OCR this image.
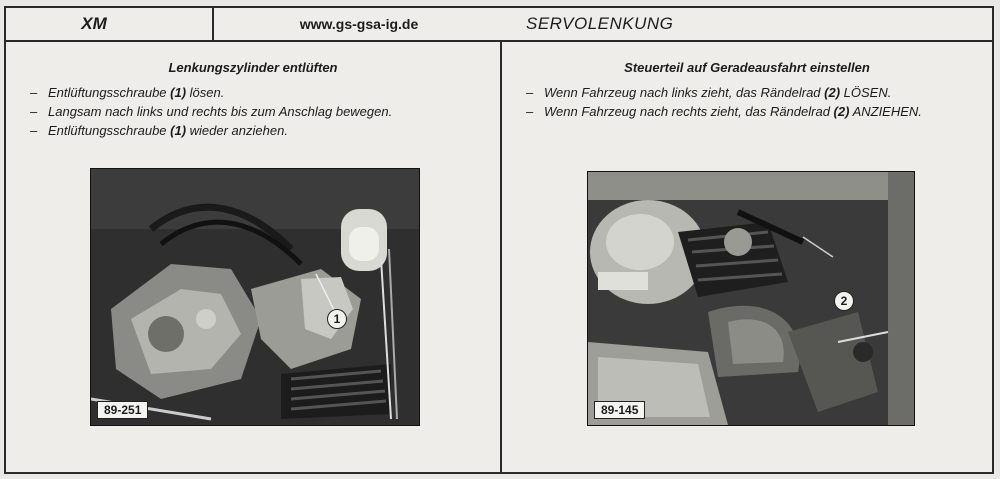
XM	www.gs-gsa-ig.de	SERVOLENKUNG
Lenkungszylinder entlüften
– Entlüftungsschraube (1) lösen.
– Langsam nach links und rechts bis zum Anschlag bewegen.
– Entlüftungsschraube (1) wieder anziehen.
1
89-251
Steuerteil auf Geradeausfahrt einstellen
– Wenn Fahrzeug nach links zieht, das Rändelrad (2) LÖSEN.
– Wenn Fahrzeug nach rechts zieht, das Rändelrad (2) ANZIEHEN.
2
89-145
